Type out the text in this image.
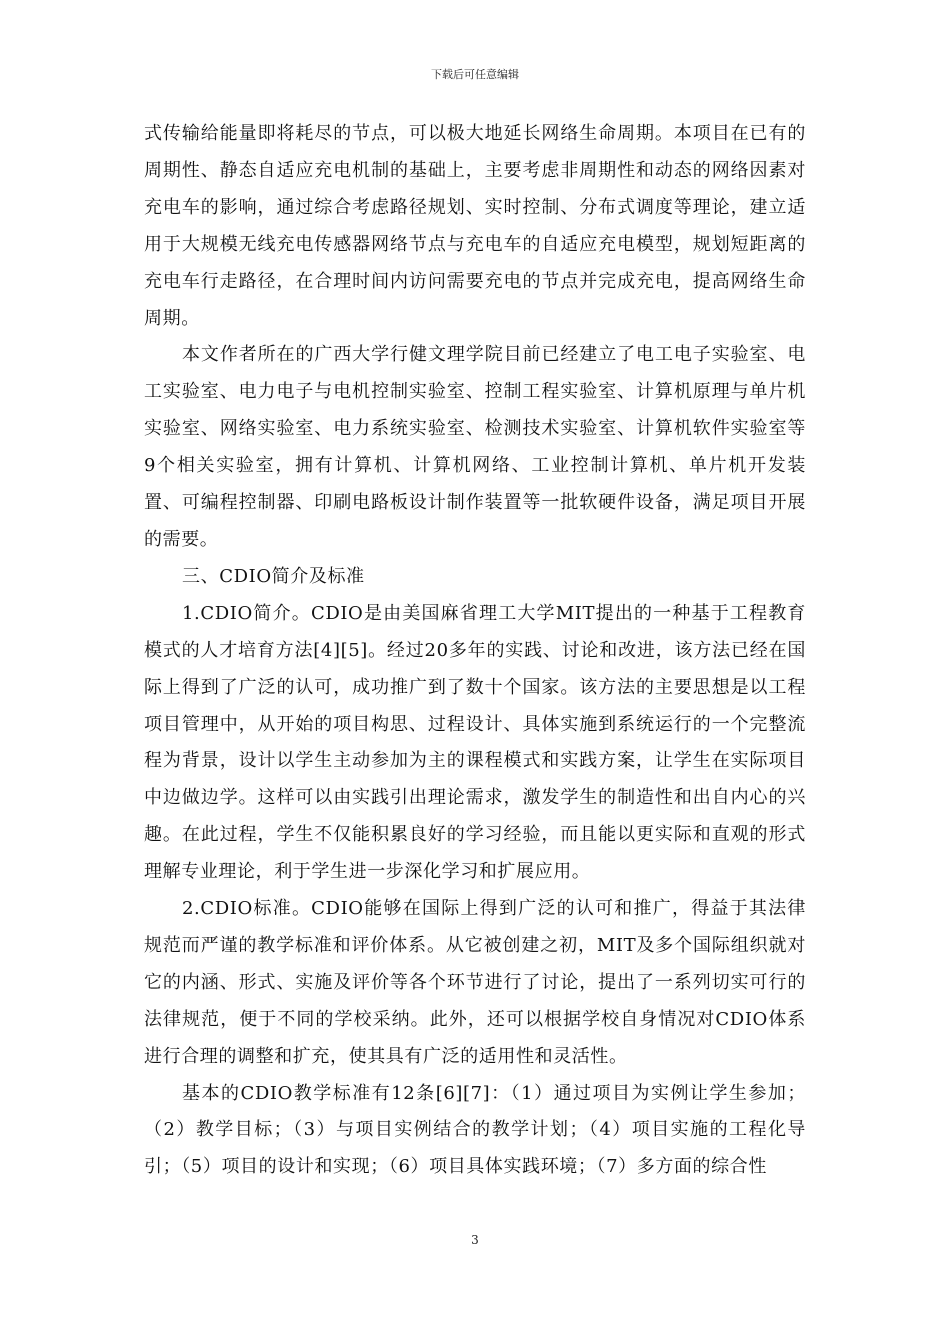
下载后可任意编辑

式传输给能量即将耗尽的节点，可以极大地延长网络生命周期。本项目在已有的周期性、静态自适应充电机制的基础上，主要考虑非周期性和动态的网络因素对充电车的影响，通过综合考虑路径规划、实时控制、分布式调度等理论，建立适用于大规模无线充电传感器网络节点与充电车的自适应充电模型，规划短距离的充电车行走路径，在合理时间内访问需要充电的节点并完成充电，提高网络生命周期。

本文作者所在的广西大学行健文理学院目前已经建立了电工电子实验室、电工实验室、电力电子与电机控制实验室、控制工程实验室、计算机原理与单片机实验室、网络实验室、电力系统实验室、检测技术实验室、计算机软件实验室等9个相关实验室，拥有计算机、计算机网络、工业控制计算机、单片机开发装置、可编程控制器、印刷电路板设计制作装置等一批软硬件设备，满足项目开展的需要。

三、CDIO简介及标准

1.CDIO简介。CDIO是由美国麻省理工大学MIT提出的一种基于工程教育模式的人才培育方法[4][5]。经过20多年的实践、讨论和改进，该方法已经在国际上得到了广泛的认可，成功推广到了数十个国家。该方法的主要思想是以工程项目管理中，从开始的项目构思、过程设计、具体实施到系统运行的一个完整流程为背景，设计以学生主动参加为主的课程模式和实践方案，让学生在实际项目中边做边学。这样可以由实践引出理论需求，激发学生的制造性和出自内心的兴趣。在此过程，学生不仅能积累良好的学习经验，而且能以更实际和直观的形式理解专业理论，利于学生进一步深化学习和扩展应用。

2.CDIO标准。CDIO能够在国际上得到广泛的认可和推广，得益于其法律规范而严谨的教学标准和评价体系。从它被创建之初，MIT及多个国际组织就对它的内涵、形式、实施及评价等各个环节进行了讨论，提出了一系列切实可行的法律规范，便于不同的学校采纳。此外，还可以根据学校自身情况对CDIO体系进行合理的调整和扩充，使其具有广泛的适用性和灵活性。

基本的CDIO教学标准有12条[6][7]：（1）通过项目为实例让学生参加；（2）教学目标；（3）与项目实例结合的教学计划；（4）项目实施的工程化导引；（5）项目的设计和实现；（6）项目具体实践环境；（7）多方面的综合性

3
